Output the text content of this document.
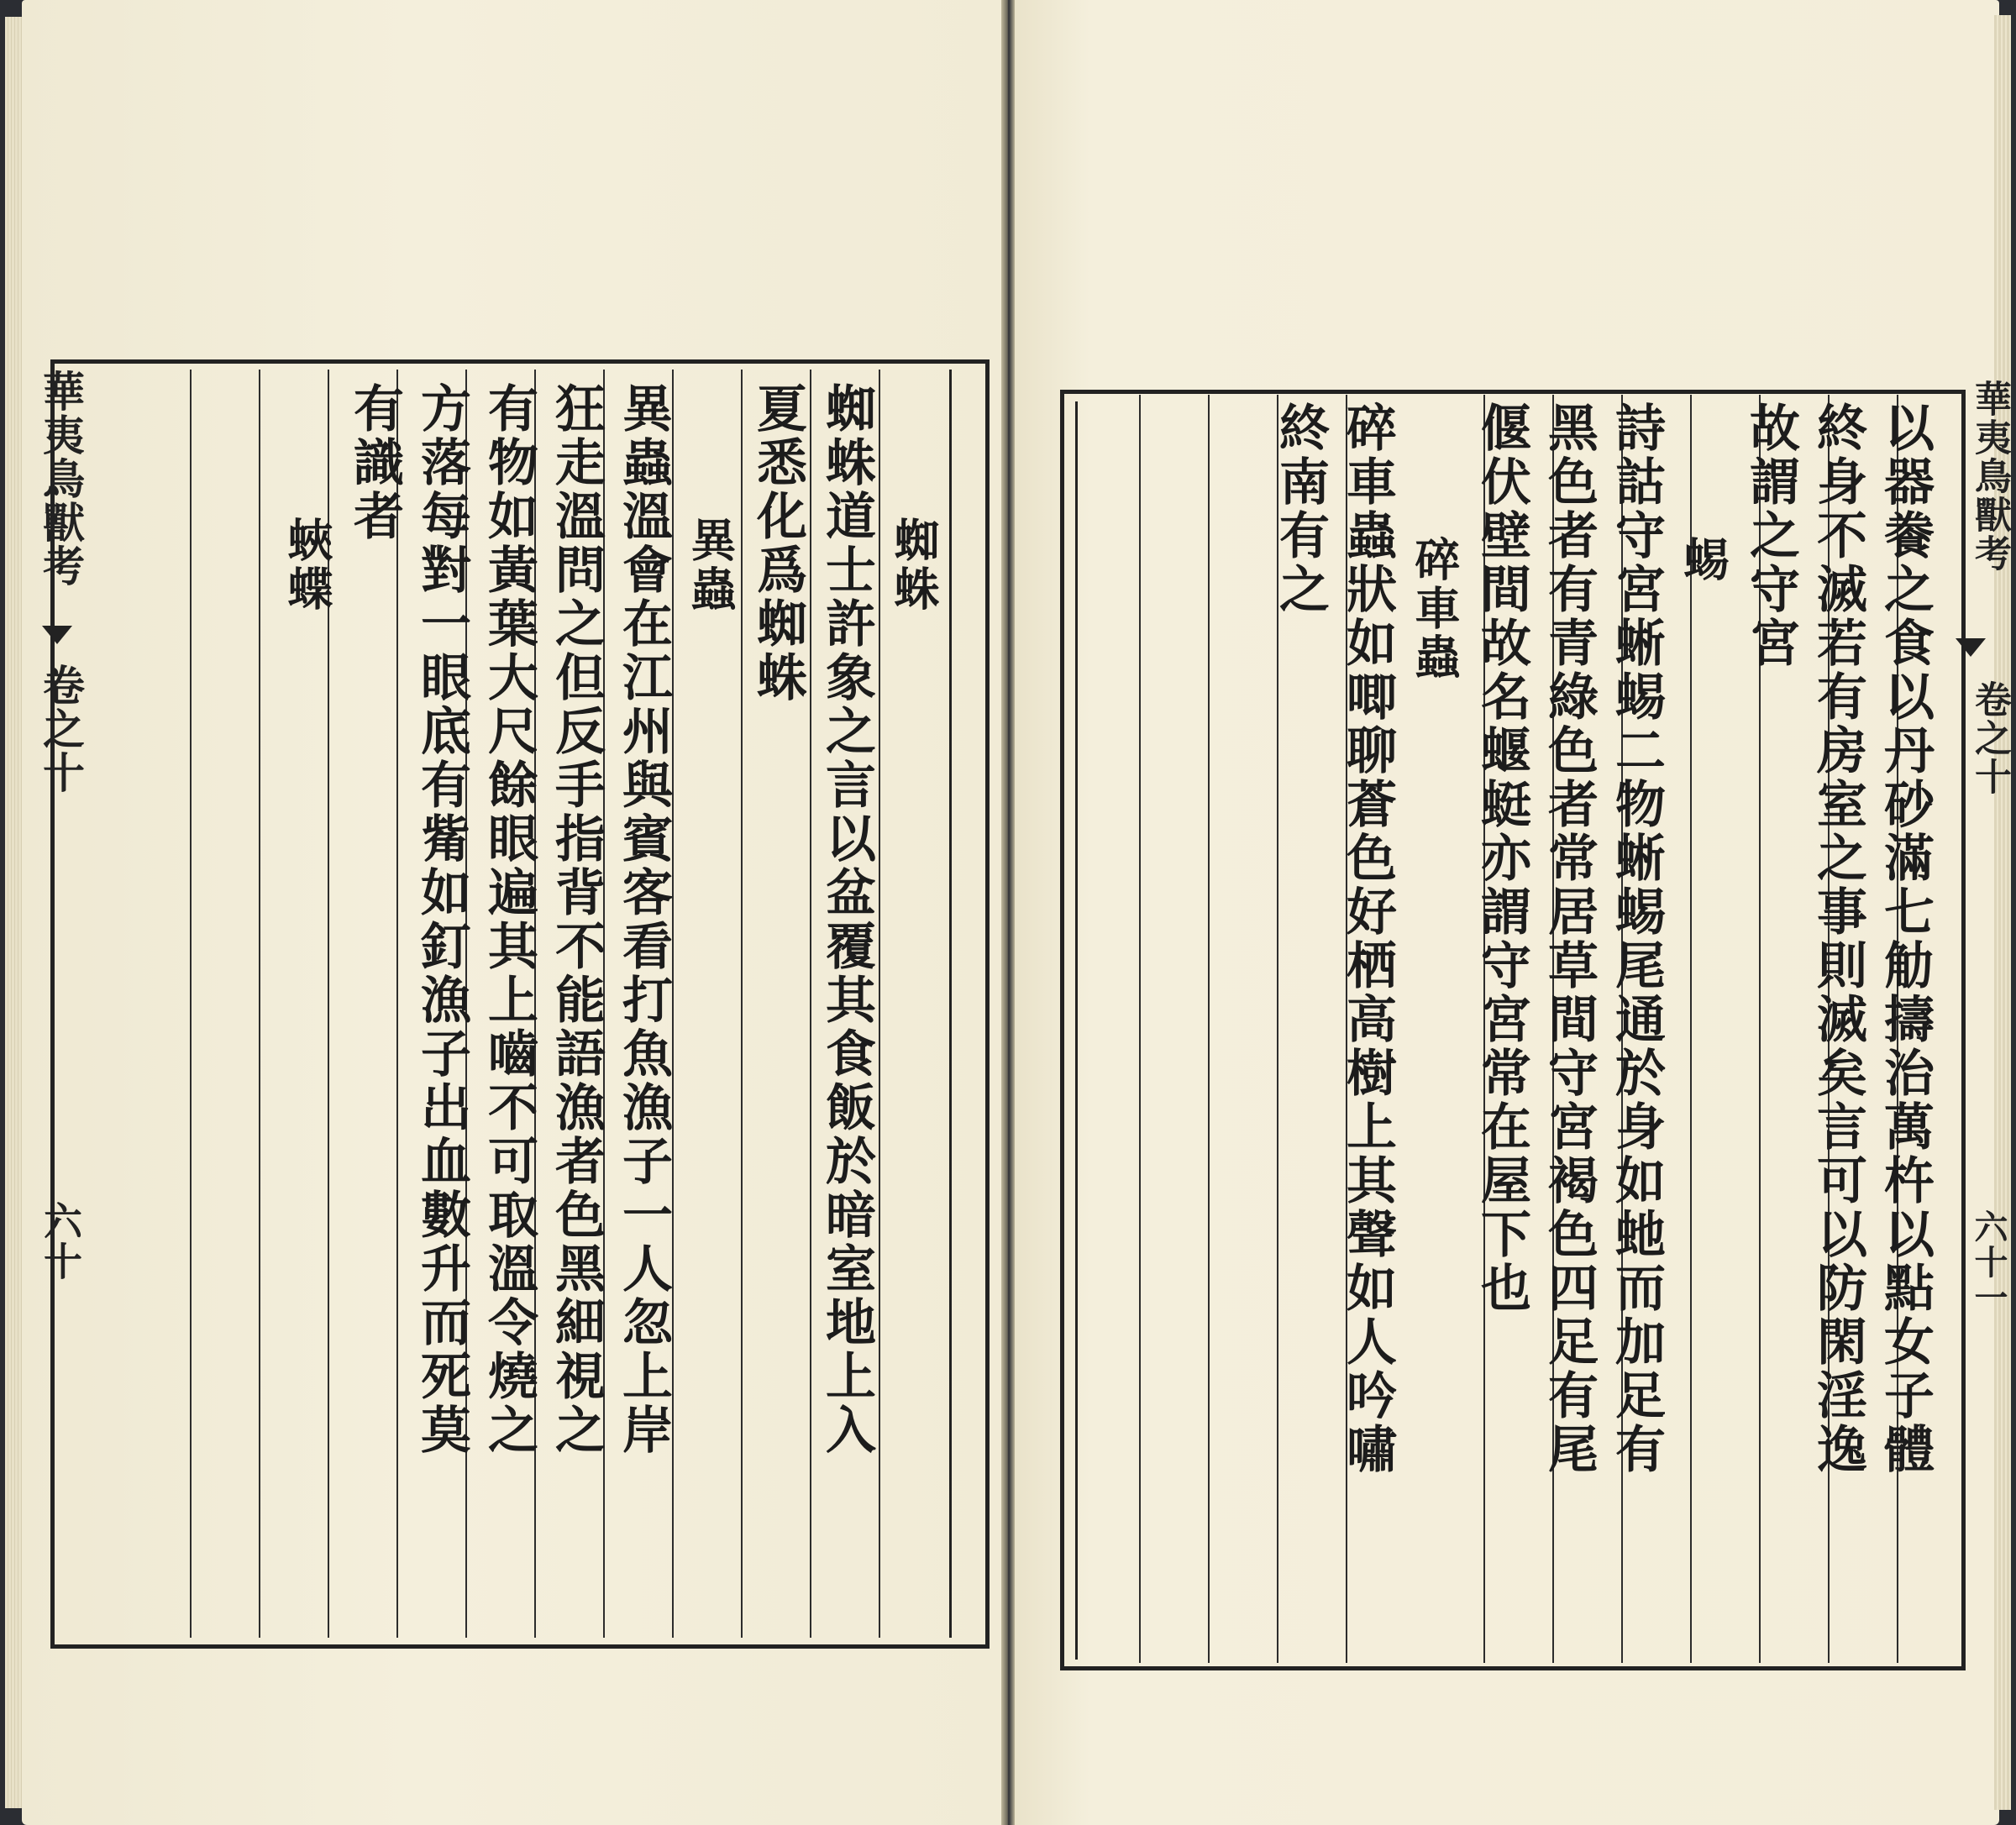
華夷鳥獸考
卷之十
六十
蜘蛛
蜘蛛道士許象之言以盆覆其食飯於暗室地上入
夏悉化爲蜘蛛
異蟲
異蟲溫會在江州與賓客看打魚漁子一人忽上岸
狂走溫問之但反手指背不能語漁者色黑細視之
有物如黃葉大尺餘眼遍其上嚙不可取溫令燒之
方落每對一眼底有觜如釘漁子出血數升而死莫
有識者
蛺蝶	華夷鳥獸考
卷之十
六十一
以器餋之食以丹砂滿七觔擣治萬杵以點女子體
終身不滅若有房室之事則滅矣言可以防閑淫逸
故謂之守宮
蜴
詩詁守宮蜥蜴二物蜥蜴尾通於身如虵而加足有
黑色者有青綠色者常居草間守宮褐色四足有尾
偃伏壁間故名蝘蜓亦謂守宮常在屋下也
碎車蟲
碎車蟲狀如唧聊蒼色好栖高樹上其聲如人吟嘯
終南有之
